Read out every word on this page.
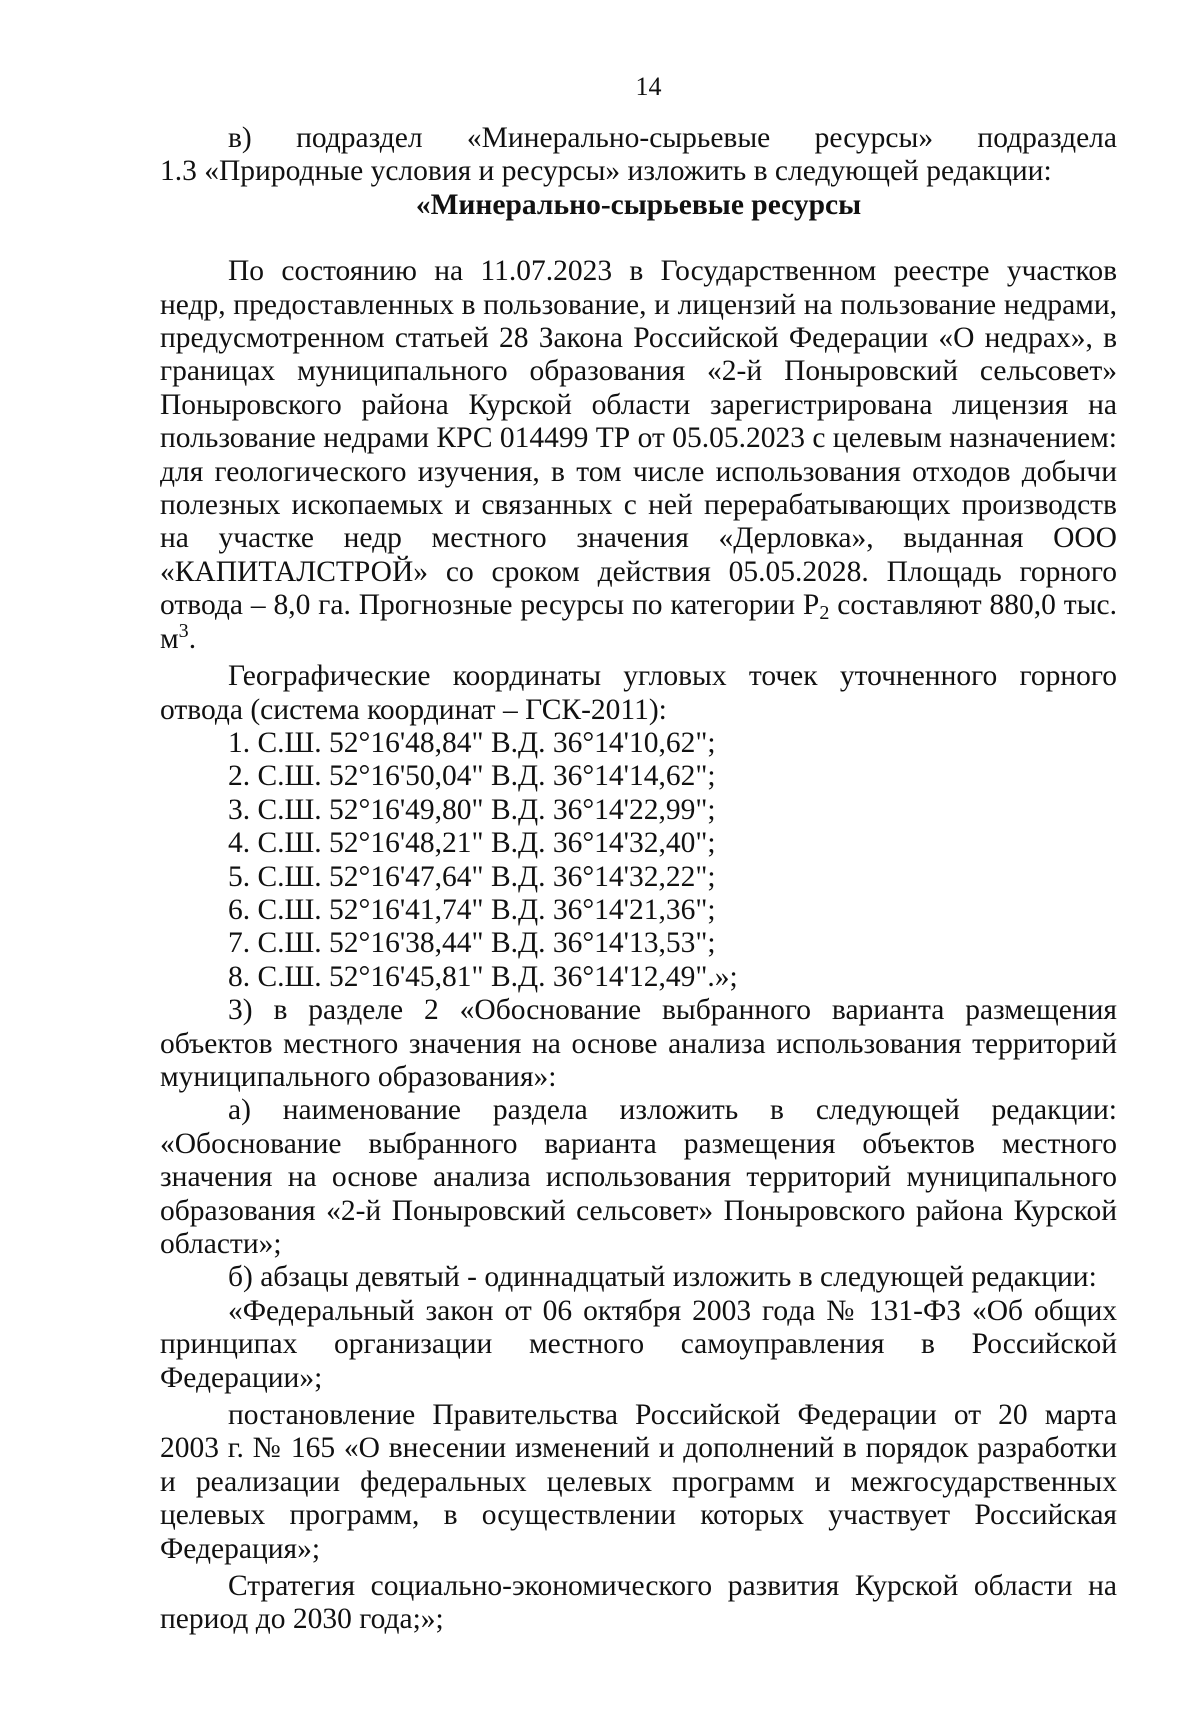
14

в) подраздел «Минерально-сырьевые ресурсы» подраздела

1.3 «Природные условия и ресурсы» изложить в следующей редакции:

«Минерально-сырьевые ресурсы

По состоянию на 11.07.2023 в Государственном реестре участков недр, предоставленных в пользование, и лицензий на пользование недрами, предусмотренном статьей 28 Закона Российской Федерации «О недрах», в границах муниципального образования «2-й Поныровский сельсовет» Поныровского района Курской области зарегистрирована лицензия на пользование недрами КРС 014499 ТР от 05.05.2023 с целевым назначением: для геологического изучения, в том числе использования отходов добычи полезных ископаемых и связанных с ней перерабатывающих производств на участке недр местного значения «Дерловка», выданная ООО «КАПИТАЛСТРОЙ» со сроком действия 05.05.2028. Площадь горного отвода – 8,0 га. Прогнозные ресурсы по категории $Р_2$ составляют 880,0 тыс. $м^3$.

Географические координаты угловых точек уточненного горного отвода (система координат – ГСК-2011):

1. С.Ш. 52°16'48,84" В.Д. 36°14'10,62";

2. С.Ш. 52°16'50,04" В.Д. 36°14'14,62";

3. С.Ш. 52°16'49,80" В.Д. 36°14'22,99";

4. С.Ш. 52°16'48,21" В.Д. 36°14'32,40";

5. С.Ш. 52°16'47,64" В.Д. 36°14'32,22";

6. С.Ш. 52°16'41,74" В.Д. 36°14'21,36";

7. С.Ш. 52°16'38,44" В.Д. 36°14'13,53";

8. С.Ш. 52°16'45,81" В.Д. 36°14'12,49".»;

3) в разделе 2 «Обоснование выбранного варианта размещения объектов местного значения на основе анализа использования территорий муниципального образования»:

а) наименование раздела изложить в следующей редакции: «Обоснование выбранного варианта размещения объектов местного значения на основе анализа использования территорий муниципального образования «2-й Поныровский сельсовет» Поныровского района Курской области»;

б) абзацы девятый - одиннадцатый изложить в следующей редакции:

«Федеральный закон от 06 октября 2003 года № 131-ФЗ «Об общих принципах организации местного самоуправления в Российской Федерации»;

постановление Правительства Российской Федерации от 20 марта 2003 г. № 165 «О внесении изменений и дополнений в порядок разработки и реализации федеральных целевых программ и межгосударственных целевых программ, в осуществлении которых участвует Российская Федерация»;

Стратегия социально-экономического развития Курской области на период до 2030 года;»;
